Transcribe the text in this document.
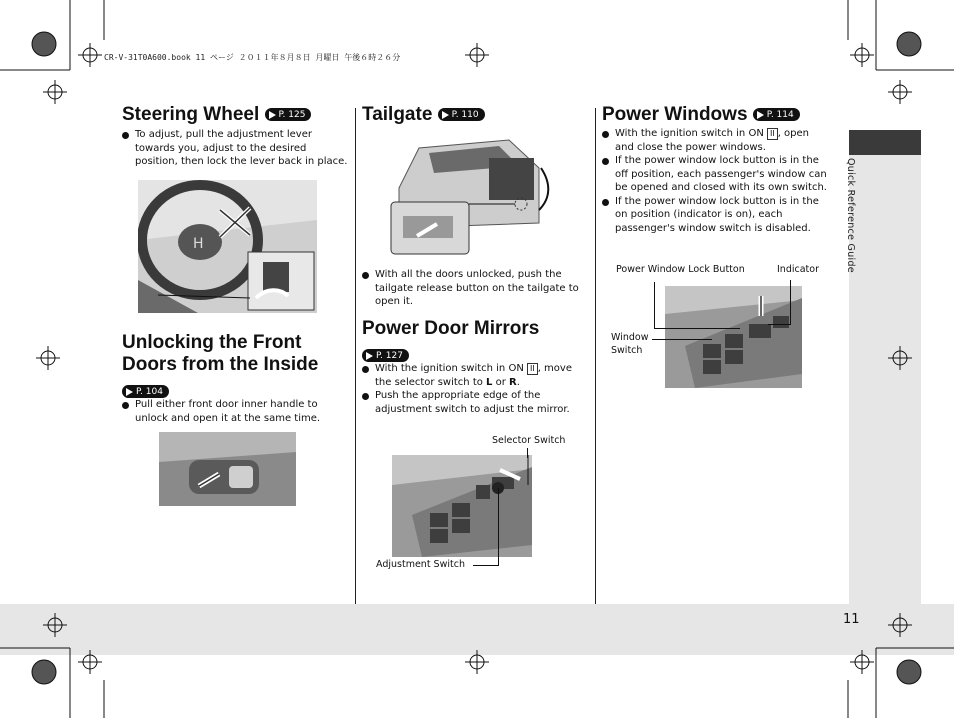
Quick Reference Guide
11
CR-V-31T0A600.book 11 ページ ２０１１年８月８日 月曜日 午後６時２６分
Steering Wheel P. 125
To adjust, pull the adjustment lever towards you, adjust to the desired position, then lock the lever back in place.
H
Unlocking the Front
Doors from the Inside
P. 104
Pull either front door inner handle to unlock and open it at the same time.
Tailgate P. 110
With all the doors unlocked, push the tailgate release button on the tailgate to open it.
Power Door Mirrors
P. 127
With the ignition switch in ON II , move the selector switch to L or R.
Push the appropriate edge of the adjustment switch to adjust the mirror.
Selector Switch
Adjustment Switch
Power Windows P. 114
With the ignition switch in ON II , open and close the power windows.
If the power window lock button is in the off position, each passenger's window can be opened and closed with its own switch.
If the power window lock button is in the on position (indicator is on), each passenger's window switch is disabled.
Power Window Lock Button	Indicator
Window
Switch
